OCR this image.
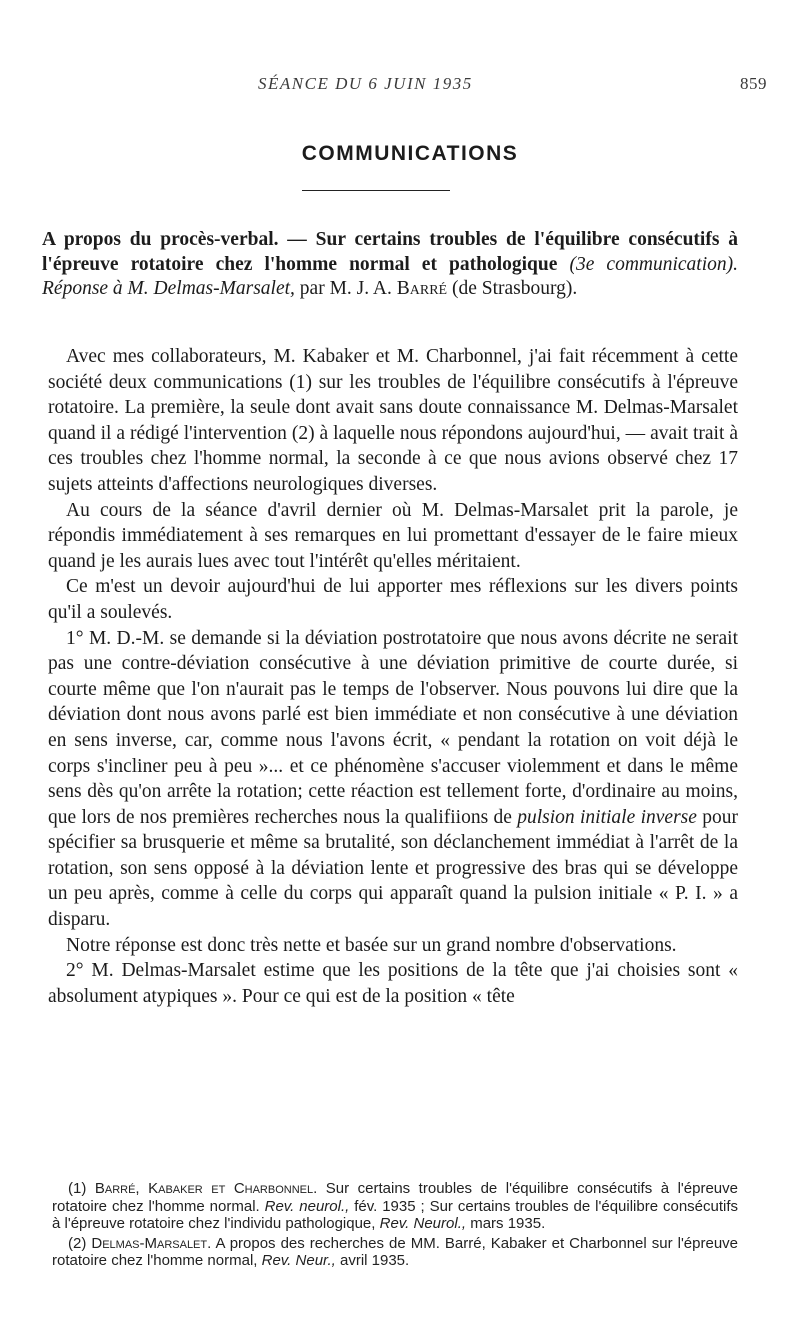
SÉANCE DU 6 JUIN 1935	859
COMMUNICATIONS
A propos du procès-verbal. — Sur certains troubles de l'équilibre consécutifs à l'épreuve rotatoire chez l'homme normal et pathologique (3e communication). Réponse à M. Delmas-Marsalet, par M. J. A. Barré (de Strasbourg).

Avec mes collaborateurs, M. Kabaker et M. Charbonnel, j'ai fait récemment à cette société deux communications (1) sur les troubles de l'équilibre consécutifs à l'épreuve rotatoire. La première, la seule dont avait sans doute connaissance M. Delmas-Marsalet quand il a rédigé l'intervention (2) à laquelle nous répondons aujourd'hui, — avait trait à ces troubles chez l'homme normal, la seconde à ce que nous avions observé chez 17 sujets atteints d'affections neurologiques diverses.

Au cours de la séance d'avril dernier où M. Delmas-Marsalet prit la parole, je répondis immédiatement à ses remarques en lui promettant d'essayer de le faire mieux quand je les aurais lues avec tout l'intérêt qu'elles méritaient.

Ce m'est un devoir aujourd'hui de lui apporter mes réflexions sur les divers points qu'il a soulevés.

1° M. D.-M. se demande si la déviation postrotatoire que nous avons décrite ne serait pas une contre-déviation consécutive à une déviation primitive de courte durée, si courte même que l'on n'aurait pas le temps de l'observer. Nous pouvons lui dire que la déviation dont nous avons parlé est bien immédiate et non consécutive à une déviation en sens inverse, car, comme nous l'avons écrit, « pendant la rotation on voit déjà le corps s'incliner peu à peu »... et ce phénomène s'accuser violemment et dans le même sens dès qu'on arrête la rotation; cette réaction est tellement forte, d'ordinaire au moins, que lors de nos premières recherches nous la qualifiions de pulsion initiale inverse pour spécifier sa brusquerie et même sa brutalité, son déclanchement immédiat à l'arrêt de la rotation, son sens opposé à la déviation lente et progressive des bras qui se développe un peu après, comme à celle du corps qui apparaît quand la pulsion initiale « P. I. » a disparu.

Notre réponse est donc très nette et basée sur un grand nombre d'observations.

2° M. Delmas-Marsalet estime que les positions de la tête que j'ai choisies sont « absolument atypiques ». Pour ce qui est de la position « tête

(1) Barré, Kabaker et Charbonnel. Sur certains troubles de l'équilibre consécutifs à l'épreuve rotatoire chez l'homme normal. Rev. neurol., fév. 1935 ; Sur certains troubles de l'équilibre consécutifs à l'épreuve rotatoire chez l'individu pathologique, Rev. Neurol., mars 1935.

(2) Delmas-Marsalet. A propos des recherches de MM. Barré, Kabaker et Charbonnel sur l'épreuve rotatoire chez l'homme normal, Rev. Neur., avril 1935.
